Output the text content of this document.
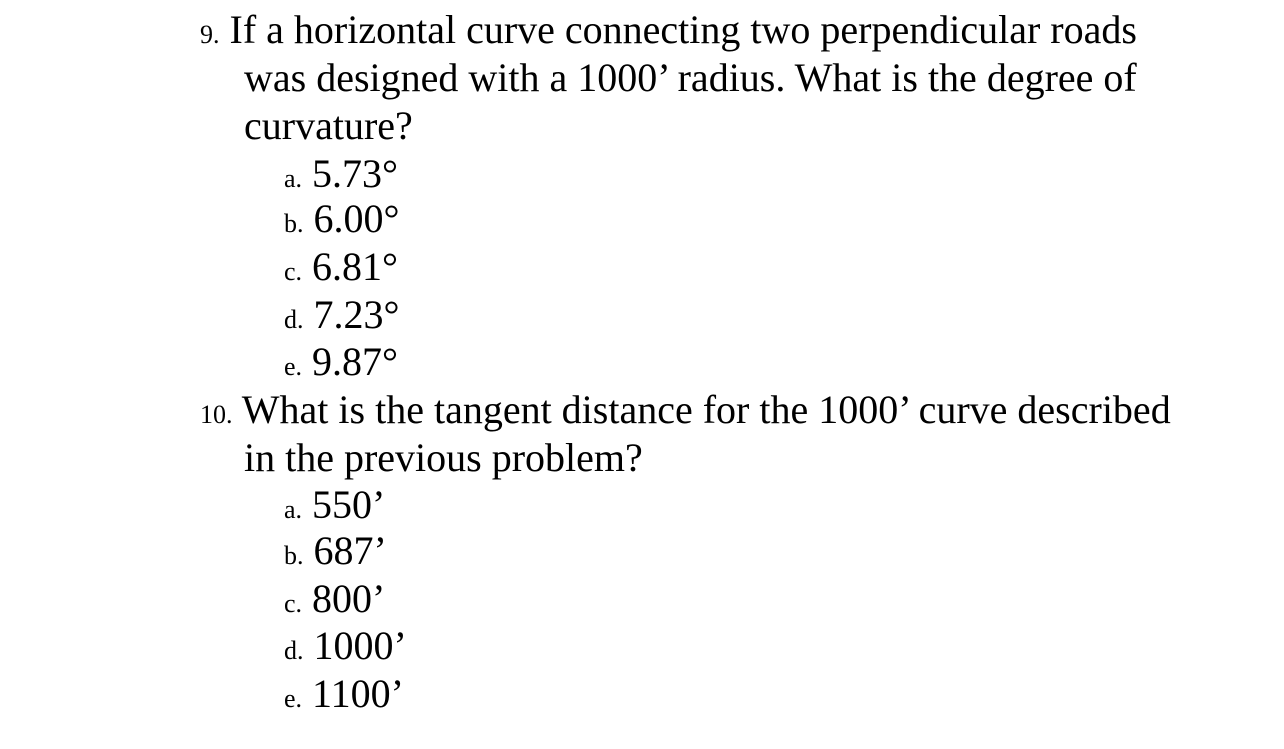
9. If a horizontal curve connecting two perpendicular roads
was designed with a 1000’ radius. What is the degree of
curvature?
a. 5.73°
b. 6.00°
c. 6.81°
d. 7.23°
e. 9.87°
10. What is the tangent distance for the 1000’ curve described
in the previous problem?
a. 550’
b. 687’
c. 800’
d. 1000’
e. 1100’
